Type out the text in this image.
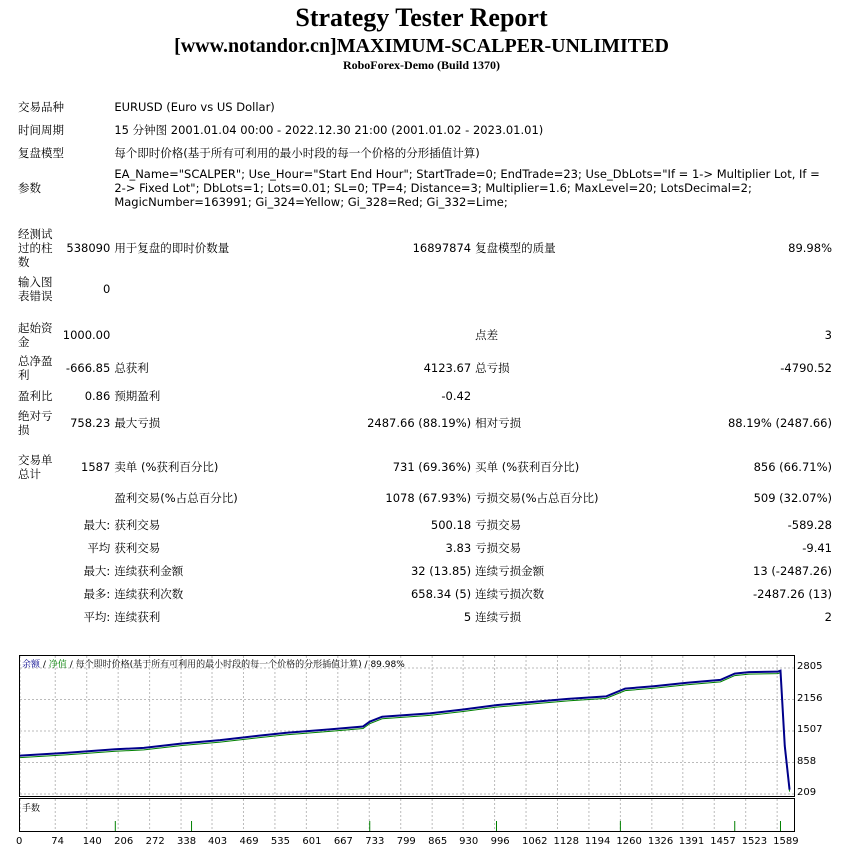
Strategy Tester Report
[www.notandor.cn]MAXIMUM-SCALPER-UNLIMITED
RoboForex-Demo (Build 1370)
交易品种		EURUSD (Euro vs US Dollar)			
时间周期		15 分钟图 2001.01.04 00:00 - 2022.12.30 21:00 (2001.01.02 - 2023.01.01)			
复盘模型		每个即时价格(基于所有可利用的最小时段的每一个价格的分形插值计算)			
参数		EA_Name="SCALPER"; Use_Hour="Start End Hour"; StartTrade=0; EndTrade=23; Use_DbLots="If = 1-> Multiplier Lot, If = 2-> Fixed Lot"; DbLots=1; Lots=0.01; SL=0; TP=4; Distance=3; Multiplier=1.6; MaxLevel=20; LotsDecimal=2; MagicNumber=163991; Gi_324=Yellow; Gi_328=Red; Gi_332=Lime;			

经测试过的柱数	538090	用于复盘的即时价数量	16897874	复盘模型的质量	89.98%
输入图表错误	0				

起始资金	1000.00			点差	3
总净盈利	-666.85	总获利	4123.67	总亏损	-4790.52
盈利比	0.86	预期盈利	-0.42		
绝对亏损	758.23	最大亏损	2487.66 (88.19%)	相对亏损	88.19% (2487.66)

交易单总计	1587	卖单 (%获利百分比)	731 (69.36%)	买单 (%获利百分比)	856 (66.71%)
		盈利交易(%占总百分比)	1078 (67.93%)	亏损交易(%占总百分比)	509 (32.07%)
最大:		获利交易	500.18	亏损交易	-589.28
平均		获利交易	3.83	亏损交易	-9.41
最大:		连续获利金额	32 (13.85)	连续亏损金额	13 (-2487.26)
最多:		连续获利次数	658.34 (5)	连续亏损次数	-2487.26 (13)
平均:		连续获利	5	连续亏损	2
余额 / 净值 / 每个即时价格(基于所有可利用的最小时段的每一个价格的分形插值计算) / 89.98%	2805
2156
1507
858
209
手数
0	74 140 206 272 338 403 469 535 601 667 733 799 865 930 996 1062 1128 1194 1260 1326 1391 1457 1523 1589
